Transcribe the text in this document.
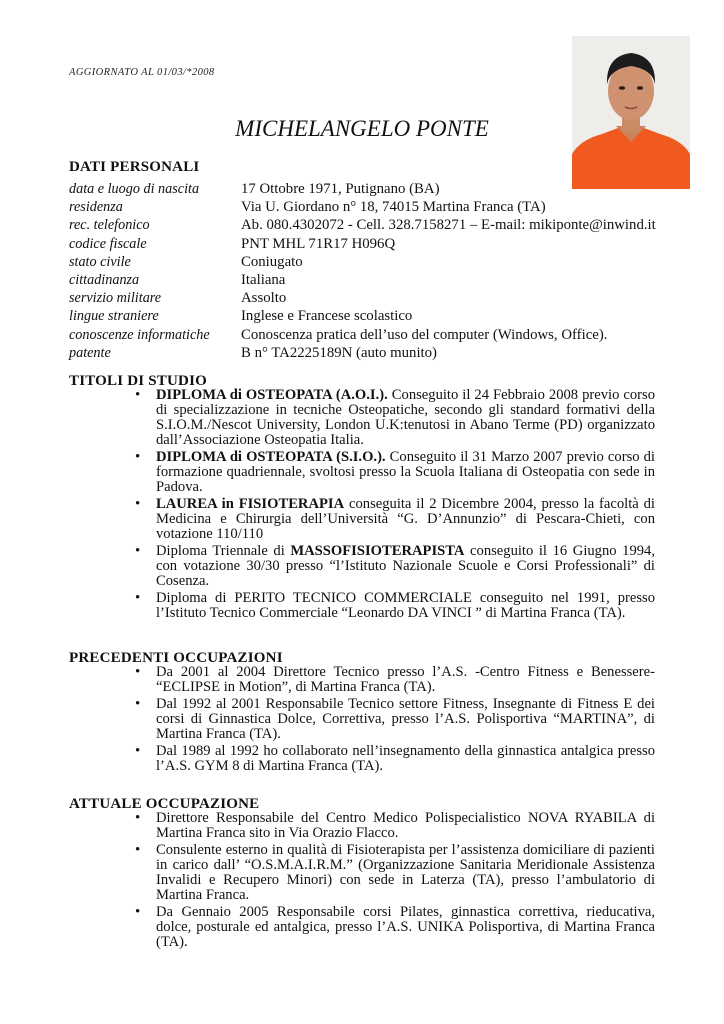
AGGIORNATO AL 01/03/*2008
MICHELANGELO PONTE
DATI PERSONALI
data e luogo di nascita	17 Ottobre 1971, Putignano (BA)
residenza	Via U. Giordano n° 18, 74015 Martina Franca (TA)
rec. telefonico	Ab. 080.4302072 - Cell. 328.7158271 – E-mail: mikiponte@inwind.it
codice fiscale	PNT MHL 71R17 H096Q
stato civile	Coniugato
cittadinanza	Italiana
servizio militare	Assolto
lingue straniere	Inglese e Francese scolastico
conoscenze informatiche	Conoscenza pratica dell’uso del computer (Windows, Office).
patente	B n° TA2225189N (auto munito)
TITOLI DI STUDIO
• DIPLOMA di OSTEOPATA (A.O.I.). Conseguito il 24 Febbraio 2008 previo corso di specializzazione in tecniche Osteopatiche, secondo gli standard formativi della S.I.O.M./Nescot University, London U.K:tenutosi in Abano Terme (PD) organizzato dall’Associazione Osteopatia Italia.
• DIPLOMA di OSTEOPATA (S.I.O.). Conseguito il 31 Marzo 2007 previo corso di formazione quadriennale, svoltosi presso la Scuola Italiana di Osteopatia con sede in Padova.
• LAUREA in FISIOTERAPIA conseguita il 2 Dicembre 2004, presso la facoltà di Medicina e Chirurgia dell’Università “G. D’Annunzio” di Pescara-Chieti, con votazione 110/110
• Diploma Triennale di MASSOFISIOTERAPISTA conseguito il 16 Giugno 1994, con votazione 30/30 presso “l’Istituto Nazionale Scuole e Corsi Professionali” di Cosenza.
• Diploma di PERITO TECNICO COMMERCIALE conseguito nel 1991, presso l’Istituto Tecnico Commerciale “Leonardo DA VINCI ” di Martina Franca (TA).
PRECEDENTI OCCUPAZIONI
• Da 2001 al 2004 Direttore Tecnico presso l’A.S. -Centro Fitness e Benessere- “ECLIPSE in Motion”, di Martina Franca (TA).
• Dal 1992 al 2001 Responsabile Tecnico settore Fitness, Insegnante di Fitness E dei corsi di Ginnastica Dolce, Correttiva, presso l’A.S. Polisportiva “MARTINA”, di Martina Franca (TA).
• Dal 1989 al 1992 ho collaborato nell’insegnamento della ginnastica antalgica presso l’A.S. GYM 8 di Martina Franca (TA).
ATTUALE OCCUPAZIONE
• Direttore Responsabile del Centro Medico Polispecialistico NOVA RYABILA di Martina Franca sito in Via Orazio Flacco.
• Consulente esterno in qualità di Fisioterapista per l’assistenza domiciliare di pazienti in carico dall’ “O.S.M.A.I.R.M.” (Organizzazione Sanitaria Meridionale Assistenza Invalidi e Recupero Minori) con sede in Laterza (TA), presso l’ambulatorio di Martina Franca.
• Da Gennaio 2005 Responsabile corsi Pilates, ginnastica correttiva, rieducativa, dolce, posturale ed antalgica, presso l’A.S. UNIKA Polisportiva, di Martina Franca (TA).
